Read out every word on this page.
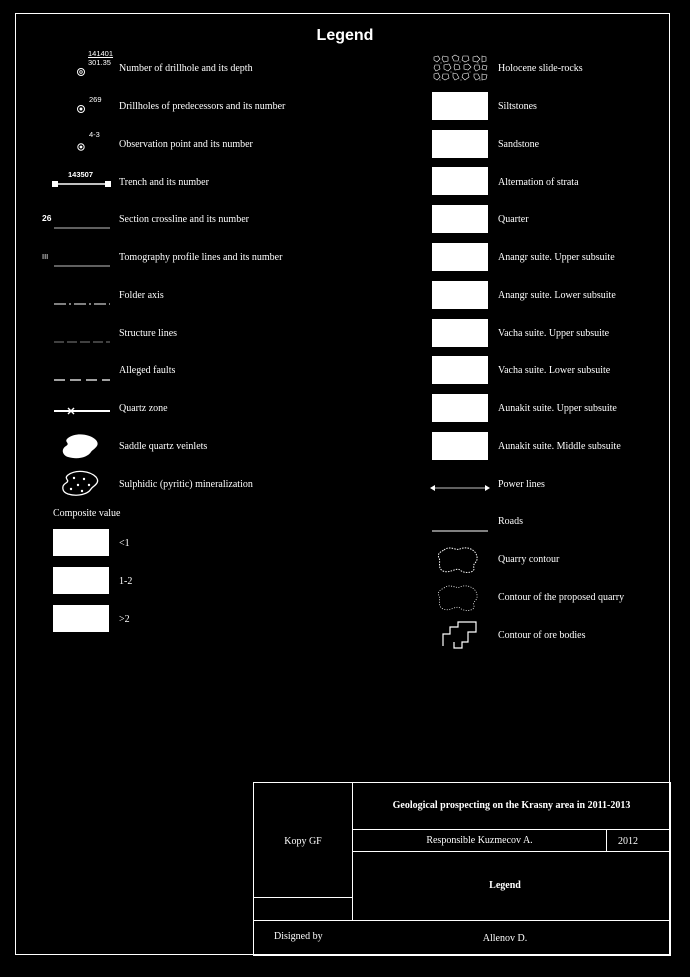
Legend
141401
301.35
Number of drillhole and its depth
269
Drillholes of predecessors and its number
4-3
Observation point and its number
143507
Trench and its number
26	Section crossline and its number
III	Tomography profile lines and its number
Folder axis
Structure lines
Alleged faults
Quartz zone
Saddle quartz veinlets
Sulphidic (pyritic) mineralization
Composite value
<1
1-2
>2
Holocene slide-rocks
Siltstones
Sandstone
Alternation of strata
Quarter
Anangr suite. Upper subsuite
Anangr suite. Lower subsuite
Vacha suite. Upper subsuite
Vacha suite. Lower subsuite
Aunakit suite. Upper subsuite
Aunakit suite. Middle subsuite
Power lines
Roads
Quarry contour
Contour of the proposed quarry
Contour of ore bodies
Geological prospecting on the Krasny area in 2011-2013
Kopy GF	Responsible Kuzmecov A.	2012
Legend
Disigned by	Allenov D.
